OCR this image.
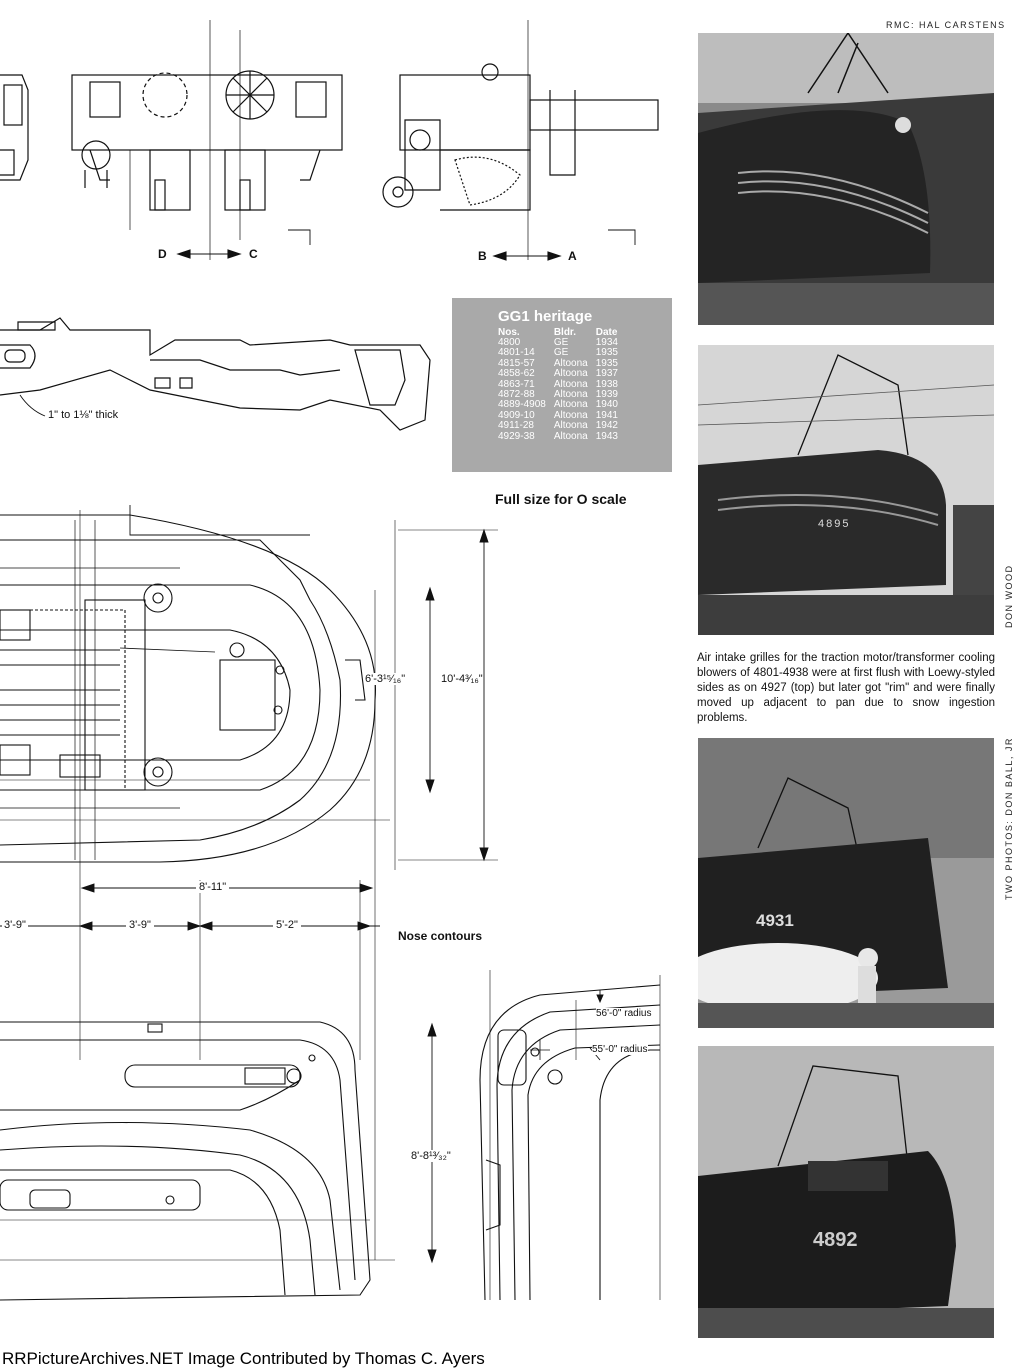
D	C	B	A
1" to 1⅛" thick
GG1 heritage
Nos.	Bldr.	Date
4800	GE	1934
4801-14	GE	1935
4815-57	Altoona	1935
4858-62	Altoona	1937
4863-71	Altoona	1938
4872-88	Altoona	1939
4889-4908	Altoona	1940
4909-10	Altoona	1941
4911-28	Altoona	1942
4929-38	Altoona	1943
Full size for O scale
6'-3¹⁵⁄₁₆"	10'-4³⁄₁₆"
8'-11"
3'-9"	3'-9"	5'-2"
Nose contours
56'-0" radius
55'-0" radius
8'-8¹³⁄₃₂"
RMC: HAL CARSTENS
4895
DON WOOD
Air intake grilles for the traction motor/transformer cooling blowers of 4801-4938 were at first flush with Loewy-styled sides as on 4927 (top) but later got "rim" and were finally moved up adjacent to pan due to snow ingestion problems.
4931
TWO PHOTOS: DON BALL, JR
4892
RRPictureArchives.NET Image Contributed by Thomas C. Ayers
